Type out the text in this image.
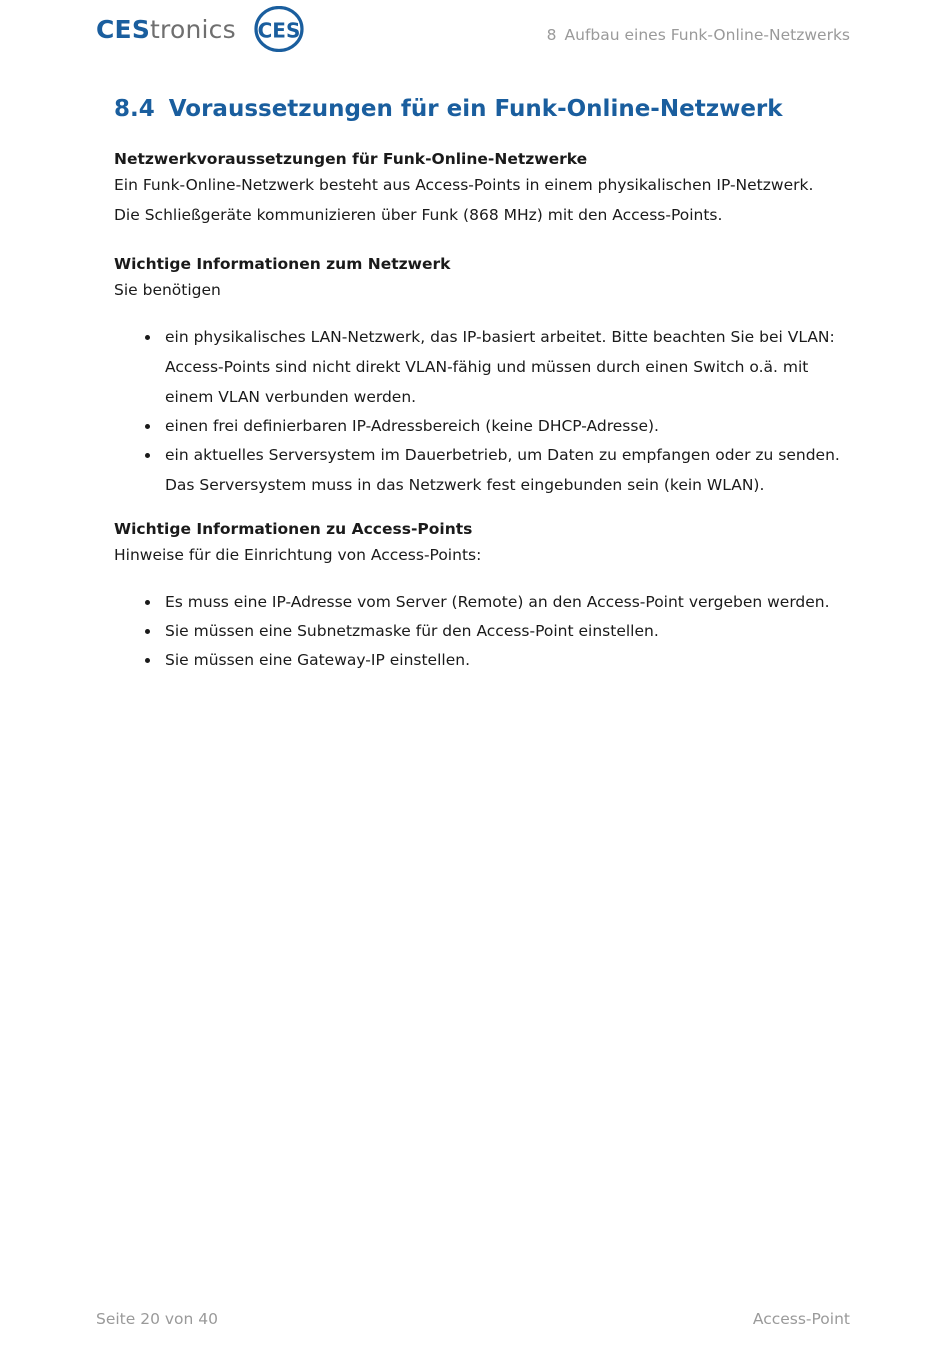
CEStronics CES	8 Aufbau eines Funk-Online-Netzwerks
8.4 Voraussetzungen für ein Funk-Online-Netzwerk

Netzwerkvoraussetzungen für Funk-Online-Netzwerke

Ein Funk-Online-Netzwerk besteht aus Access-Points in einem physikalischen IP-Netzwerk. Die Schließgeräte kommunizieren über Funk (868 MHz) mit den Access-Points.

Wichtige Informationen zum Netzwerk

Sie benötigen

ein physikalisches LAN-Netzwerk, das IP-basiert arbeitet. Bitte beachten Sie bei VLAN: Access-Points sind nicht direkt VLAN-fähig und müssen durch einen Switch o.ä. mit einem VLAN verbunden werden.
einen frei definierbaren IP-Adressbereich (keine DHCP-Adresse).
ein aktuelles Serversystem im Dauerbetrieb, um Daten zu empfangen oder zu senden. Das Serversystem muss in das Netzwerk fest eingebunden sein (kein WLAN).

Wichtige Informationen zu Access-Points

Hinweise für die Einrichtung von Access-Points:

Es muss eine IP-Adresse vom Server (Remote) an den Access-Point vergeben werden.
Sie müssen eine Subnetzmaske für den Access-Point einstellen.
Sie müssen eine Gateway-IP einstellen.
Seite 20 von 40	Access-Point
